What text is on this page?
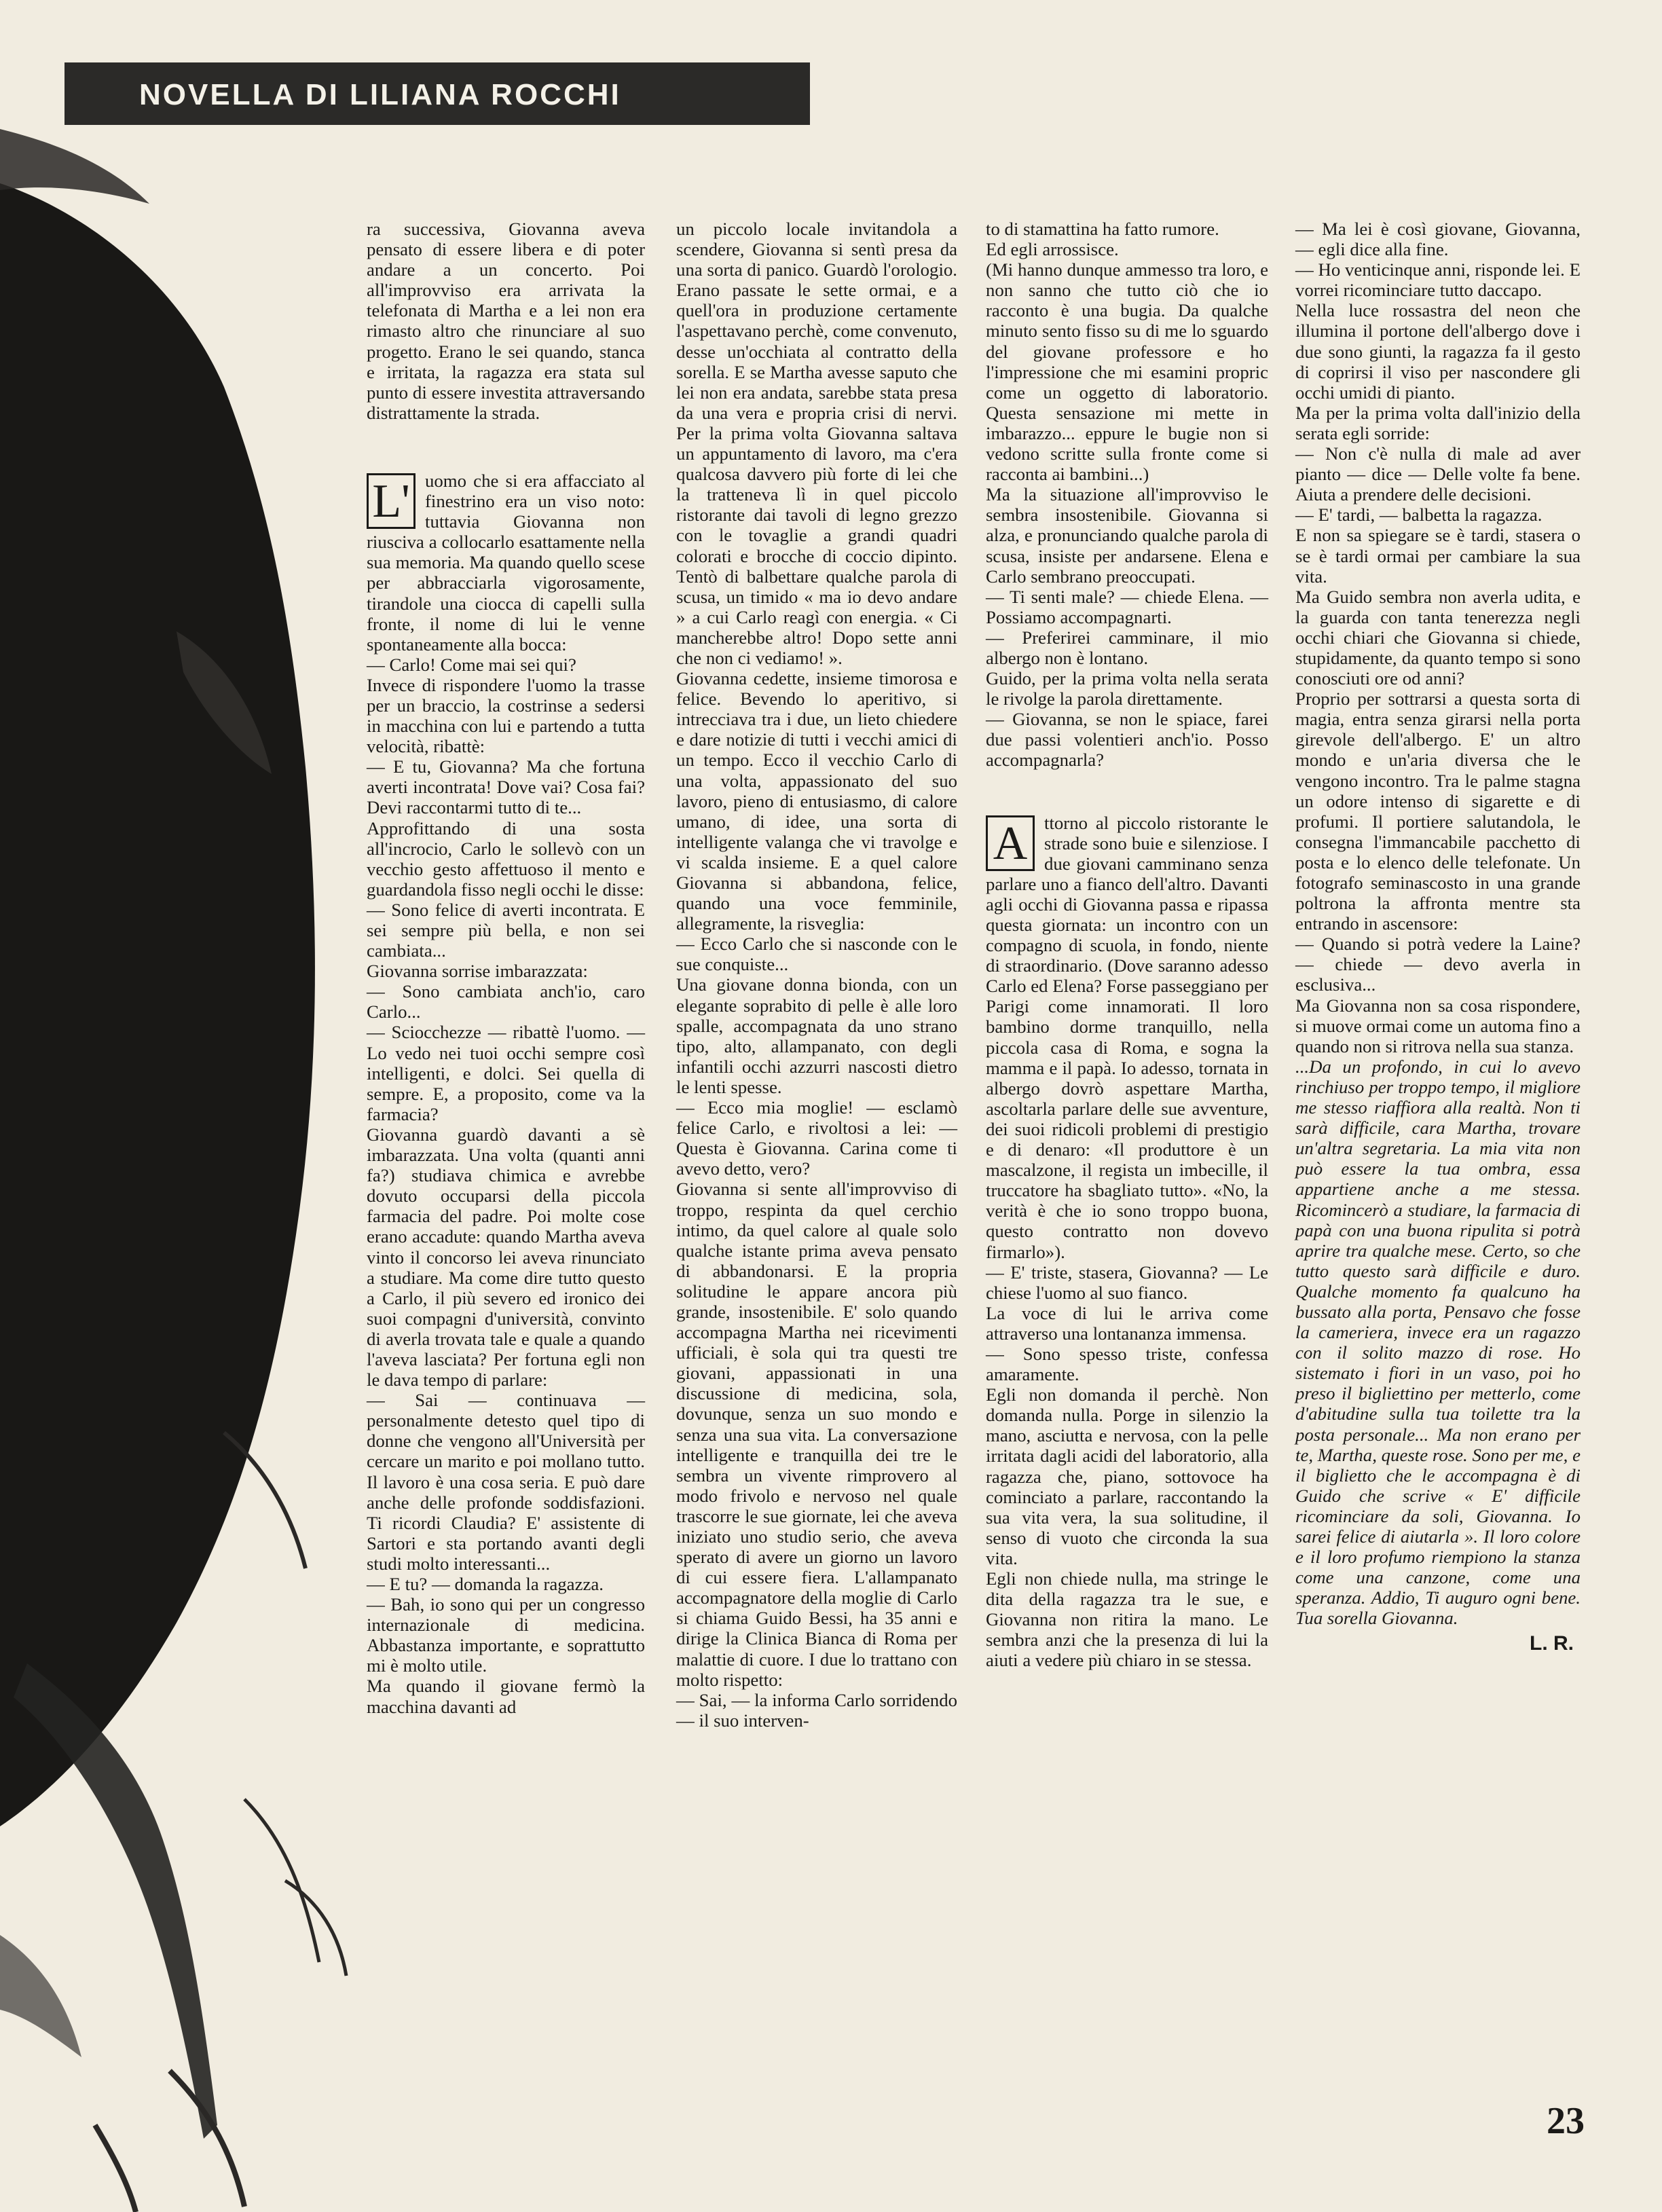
NOVELLA DI LILIANA ROCCHI

ra successiva, Giovanna aveva pensato di essere libera e di poter andare a un concerto. Poi all'improvviso era arrivata la telefonata di Martha e a lei non era rimasto altro che rinunciare al suo progetto. Erano le sei quando, stanca e irritata, la ragazza era stata sul punto di essere investita attraversando distrattamente la strada.

L' uomo che si era affacciato al finestrino era un viso noto: tuttavia Giovanna non riusciva a collocarlo esattamente nella sua memoria. Ma quando quello scese per abbracciarla vigorosamente, tirandole una ciocca di capelli sulla fronte, il nome di lui le venne spontaneamente alla bocca:

— Carlo! Come mai sei qui?

Invece di rispondere l'uomo la trasse per un braccio, la costrinse a sedersi in macchina con lui e partendo a tutta velocità, ribattè:

— E tu, Giovanna? Ma che fortuna averti incontrata! Dove vai? Cosa fai? Devi raccontarmi tutto di te...

Approfittando di una sosta all'incrocio, Carlo le sollevò con un vecchio gesto affettuoso il mento e guardandola fisso negli occhi le disse:

— Sono felice di averti incontrata. E sei sempre più bella, e non sei cambiata...

Giovanna sorrise imbarazzata:

— Sono cambiata anch'io, caro Carlo...

— Sciocchezze — ribattè l'uomo. — Lo vedo nei tuoi occhi sempre così intelligenti, e dolci. Sei quella di sempre. E, a proposito, come va la farmacia?

Giovanna guardò davanti a sè imbarazzata. Una volta (quanti anni fa?) studiava chimica e avrebbe dovuto occuparsi della piccola farmacia del padre. Poi molte cose erano accadute: quando Martha aveva vinto il concorso lei aveva rinunciato a studiare. Ma come dire tutto questo a Carlo, il più severo ed ironico dei suoi compagni d'università, convinto di averla trovata tale e quale a quando l'aveva lasciata? Per fortuna egli non le dava tempo di parlare:

— Sai — continuava — personalmente detesto quel tipo di donne che vengono all'Università per cercare un marito e poi mollano tutto. Il lavoro è una cosa seria. E può dare anche delle profonde soddisfazioni. Ti ricordi Claudia? E' assistente di Sartori e sta portando avanti degli studi molto interessanti...

— E tu? — domanda la ragazza.

— Bah, io sono qui per un congresso internazionale di medicina. Abbastanza importante, e soprattutto mi è molto utile.

Ma quando il giovane fermò la macchina davanti ad

un piccolo locale invitandola a scendere, Giovanna si sentì presa da una sorta di panico. Guardò l'orologio. Erano passate le sette ormai, e a quell'ora in produzione certamente l'aspettavano perchè, come convenuto, desse un'occhiata al contratto della sorella. E se Martha avesse saputo che lei non era andata, sarebbe stata presa da una vera e propria crisi di nervi. Per la prima volta Giovanna saltava un appuntamento di lavoro, ma c'era qualcosa davvero più forte di lei che la tratteneva lì in quel piccolo ristorante dai tavoli di legno grezzo con le tovaglie a grandi quadri colorati e brocche di coccio dipinto. Tentò di balbettare qualche parola di scusa, un timido « ma io devo andare » a cui Carlo reagì con energia. « Ci mancherebbe altro! Dopo sette anni che non ci vediamo! ».

Giovanna cedette, insieme timorosa e felice. Bevendo lo aperitivo, si intrecciava tra i due, un lieto chiedere e dare notizie di tutti i vecchi amici di un tempo. Ecco il vecchio Carlo di una volta, appassionato del suo lavoro, pieno di entusiasmo, di calore umano, di idee, una sorta di intelligente valanga che vi travolge e vi scalda insieme. E a quel calore Giovanna si abbandona, felice, quando una voce femminile, allegramente, la risveglia:

— Ecco Carlo che si nasconde con le sue conquiste...

Una giovane donna bionda, con un elegante soprabito di pelle è alle loro spalle, accompagnata da uno strano tipo, alto, allampanato, con degli infantili occhi azzurri nascosti dietro le lenti spesse.

— Ecco mia moglie! — esclamò felice Carlo, e rivoltosi a lei: — Questa è Giovanna. Carina come ti avevo detto, vero?

Giovanna si sente all'improvviso di troppo, respinta da quel cerchio intimo, da quel calore al quale solo qualche istante prima aveva pensato di abbandonarsi. E la propria solitudine le appare ancora più grande, insostenibile. E' solo quando accompagna Martha nei ricevimenti ufficiali, è sola qui tra questi tre giovani, appassionati in una discussione di medicina, sola, dovunque, senza un suo mondo e senza una sua vita. La conversazione intelligente e tranquilla dei tre le sembra un vivente rimprovero al modo frivolo e nervoso nel quale trascorre le sue giornate, lei che aveva iniziato uno studio serio, che aveva sperato di avere un giorno un lavoro di cui essere fiera. L'allampanato accompagnatore della moglie di Carlo si chiama Guido Bessi, ha 35 anni e dirige la Clinica Bianca di Roma per malattie di cuore. I due lo trattano con molto rispetto:

— Sai, — la informa Carlo sorridendo — il suo interven-

to di stamattina ha fatto rumore.

Ed egli arrossisce.

(Mi hanno dunque ammesso tra loro, e non sanno che tutto ciò che io racconto è una bugia. Da qualche minuto sento fisso su di me lo sguardo del giovane professore e ho l'impressione che mi esamini propric come un oggetto di laboratorio. Questa sensazione mi mette in imbarazzo... eppure le bugie non si vedono scritte sulla fronte come si racconta ai bambini...)

Ma la situazione all'improvviso le sembra insostenibile. Giovanna si alza, e pronunciando qualche parola di scusa, insiste per andarsene. Elena e Carlo sembrano preoccupati.

— Ti senti male? — chiede Elena. — Possiamo accompagnarti.

— Preferirei camminare, il mio albergo non è lontano.

Guido, per la prima volta nella serata le rivolge la parola direttamente.

— Giovanna, se non le spiace, farei due passi volentieri anch'io. Posso accompagnarla?

A ttorno al piccolo ristorante le strade sono buie e silenziose. I due giovani camminano senza parlare uno a fianco dell'altro. Davanti agli occhi di Giovanna passa e ripassa questa giornata: un incontro con un compagno di scuola, in fondo, niente di straordinario. (Dove saranno adesso Carlo ed Elena? Forse passeggiano per Parigi come innamorati. Il loro bambino dorme tranquillo, nella piccola casa di Roma, e sogna la mamma e il papà. Io adesso, tornata in albergo dovrò aspettare Martha, ascoltarla parlare delle sue avventure, dei suoi ridicoli problemi di prestigio e di denaro: «Il produttore è un mascalzone, il regista un imbecille, il truccatore ha sbagliato tutto». «No, la verità è che io sono troppo buona, questo contratto non dovevo firmarlo»).

— E' triste, stasera, Giovanna? — Le chiese l'uomo al suo fianco.

La voce di lui le arriva come attraverso una lontananza immensa.

— Sono spesso triste, confessa amaramente.

Egli non domanda il perchè. Non domanda nulla. Porge in silenzio la mano, asciutta e nervosa, con la pelle irritata dagli acidi del laboratorio, alla ragazza che, piano, sottovoce ha cominciato a parlare, raccontando la sua vita vera, la sua solitudine, il senso di vuoto che circonda la sua vita.

Egli non chiede nulla, ma stringe le dita della ragazza tra le sue, e Giovanna non ritira la mano. Le sembra anzi che la presenza di lui la aiuti a vedere più chiaro in se stessa.

— Ma lei è così giovane, Giovanna, — egli dice alla fine.

— Ho venticinque anni, risponde lei. E vorrei ricominciare tutto daccapo.

Nella luce rossastra del neon che illumina il portone dell'albergo dove i due sono giunti, la ragazza fa il gesto di coprirsi il viso per nascondere gli occhi umidi di pianto.

Ma per la prima volta dall'inizio della serata egli sorride:

— Non c'è nulla di male ad aver pianto — dice — Delle volte fa bene. Aiuta a prendere delle decisioni.

— E' tardi, — balbetta la ragazza.

E non sa spiegare se è tardi, stasera o se è tardi ormai per cambiare la sua vita.

Ma Guido sembra non averla udita, e la guarda con tanta tenerezza negli occhi chiari che Giovanna si chiede, stupidamente, da quanto tempo si sono conosciuti ore od anni?

Proprio per sottrarsi a questa sorta di magia, entra senza girarsi nella porta girevole dell'albergo. E' un altro mondo e un'aria diversa che le vengono incontro. Tra le palme stagna un odore intenso di sigarette e di profumi. Il portiere salutandola, le consegna l'immancabile pacchetto di posta e lo elenco delle telefonate. Un fotografo seminascosto in una grande poltrona la affronta mentre sta entrando in ascensore:

— Quando si potrà vedere la Laine? — chiede — devo averla in esclusiva...

Ma Giovanna non sa cosa rispondere, si muove ormai come un automa fino a quando non si ritrova nella sua stanza.

...Da un profondo, in cui lo avevo rinchiuso per troppo tempo, il migliore me stesso riaffiora alla realtà. Non ti sarà difficile, cara Martha, trovare un'altra segretaria. La mia vita non può essere la tua ombra, essa appartiene anche a me stessa. Ricomincerò a studiare, la farmacia di papà con una buona ripulita si potrà aprire tra qualche mese. Certo, so che tutto questo sarà difficile e duro. Qualche momento fa qualcuno ha bussato alla porta, Pensavo che fosse la cameriera, invece era un ragazzo con il solito mazzo di rose. Ho sistemato i fiori in un vaso, poi ho preso il bigliettino per metterlo, come d'abitudine sulla tua toilette tra la posta personale... Ma non erano per te, Martha, queste rose. Sono per me, e il biglietto che le accompagna è di Guido che scrive « E' difficile ricominciare da soli, Giovanna. Io sarei felice di aiutarla ». Il loro colore e il loro profumo riempiono la stanza come una canzone, come una speranza. Addio, Ti auguro ogni bene. Tua sorella Giovanna.

L. R.
23
